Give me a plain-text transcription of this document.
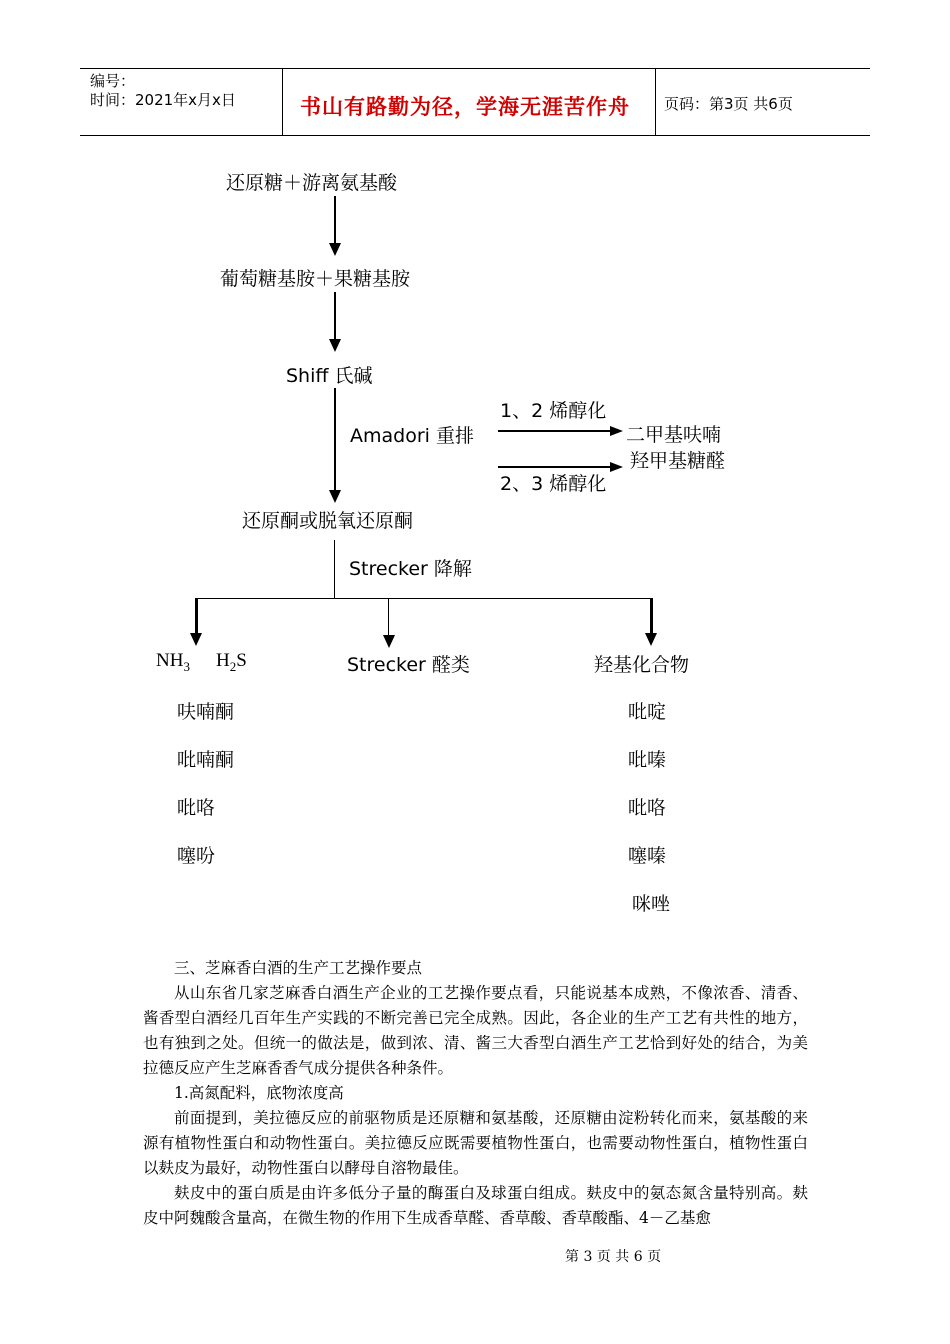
编号：
时间：2021年x月x日	书山有路勤为径，学海无涯苦作舟 页码：第3页 共6页
还原糖＋游离氨基酸
葡萄糖基胺＋果糖基胺
Shiff 氏碱
Amadori 重排
1、2 烯醇化
二甲基呋喃
羟甲基糖醛
2、3 烯醇化
还原酮或脱氧还原酮
Strecker 降解
$NH_3$ $H_2S$
呋喃酮
吡喃酮
吡咯
噻吩
Strecker 醛类	羟基化合物
吡啶
吡嗪
吡咯
噻嗪
咪唑

三、芝麻香白酒的生产工艺操作要点

从山东省几家芝麻香白酒生产企业的工艺操作要点看，只能说基本成熟，不像浓香、清香、酱香型白酒经几百年生产实践的不断完善已完全成熟。因此，各企业的生产工艺有共性的地方，也有独到之处。但统一的做法是，做到浓、清、酱三大香型白酒生产工艺恰到好处的结合，为美拉德反应产生芝麻香香气成分提供各种条件。

1.高氮配料，底物浓度高

前面提到，美拉德反应的前驱物质是还原糖和氨基酸，还原糖由淀粉转化而来，氨基酸的来源有植物性蛋白和动物性蛋白。美拉德反应既需要植物性蛋白，也需要动物性蛋白，植物性蛋白以麸皮为最好，动物性蛋白以酵母自溶物最佳。

麸皮中的蛋白质是由许多低分子量的酶蛋白及球蛋白组成。麸皮中的氨态氮含量特别高。麸皮中阿魏酸含量高，在微生物的作用下生成香草醛、香草酸、香草酸酯、4－乙基愈

第 3 页 共 6 页
